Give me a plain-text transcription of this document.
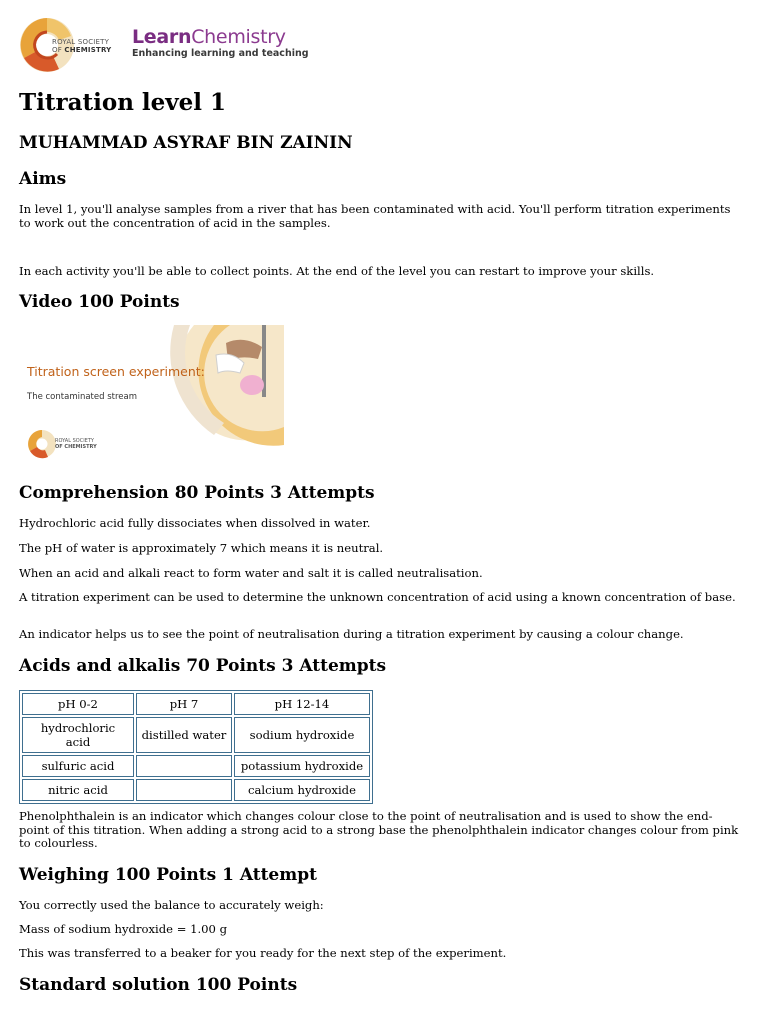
ROYAL SOCIETY
OF CHEMISTRY
LearnChemistry
Enhancing learning and teaching
Titration level 1
MUHAMMAD ASYRAF BIN ZAININ
Aims

In level 1, you'll analyse samples from a river that has been contaminated with acid. You'll perform titration experiments to work out the concentration of acid in the samples.

In each activity you'll be able to collect points. At the end of the level you can restart to improve your skills.

Video 100 Points
Titration screen experiment:
The contaminated stream
ROYAL SOCIETY
OF CHEMISTRY
Comprehension 80 Points 3 Attempts

Hydrochloric acid fully dissociates when dissolved in water.

The pH of water is approximately 7 which means it is neutral.

When an acid and alkali react to form water and salt it is called neutralisation.

A titration experiment can be used to determine the unknown concentration of acid using a known concentration of base.

An indicator helps us to see the point of neutralisation during a titration experiment by causing a colour change.

Acids and alkalis 70 Points 3 Attempts
pH 0-2	pH 7	pH 12-14
hydrochloric acid	distilled water	sodium hydroxide
sulfuric acid		potassium hydroxide
nitric acid		calcium hydroxide

Phenolphthalein is an indicator which changes colour close to the point of neutralisation and is used to show the end-point of this titration. When adding a strong acid to a strong base the phenolphthalein indicator changes colour from pink to colourless.

Weighing 100 Points 1 Attempt

You correctly used the balance to accurately weigh:

Mass of sodium hydroxide = 1.00 g

This was transferred to a beaker for you ready for the next step of the experiment.

Standard solution 100 Points
